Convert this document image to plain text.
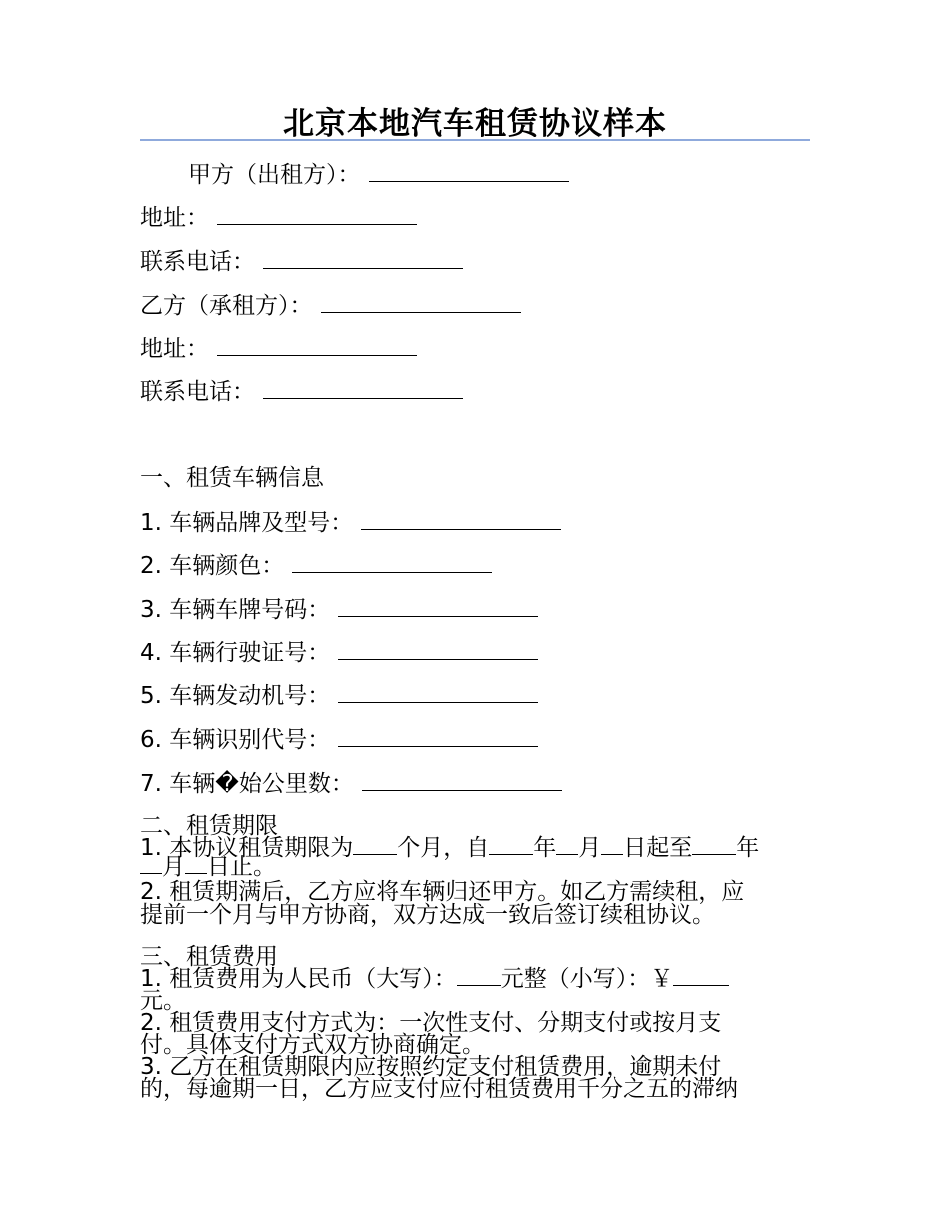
北京本地汽车租赁协议样本
甲方（出租方）：
地址：
联系电话：
乙方（承租方）：
地址：
联系电话：
一、租赁车辆信息
1. 车辆品牌及型号：
2. 车辆颜色：
3. 车辆车牌号码：
4. 车辆行驶证号：
5. 车辆发动机号：
6. 车辆识别代号：
7. 车辆�始公里数：
二、租赁期限
1. 本协议租赁期限为 个月，自 年 月 日起至 年
月 日止。
2. 租赁期满后，乙方应将车辆归还甲方。如乙方需续租，应
提前一个月与甲方协商，双方达成一致后签订续租协议。
三、租赁费用
1. 租赁费用为人民币（大写）： 元整（小写）：￥
元。
2. 租赁费用支付方式为：一次性支付、分期支付或按月支
付。具体支付方式双方协商确定。
3. 乙方在租赁期限内应按照约定支付租赁费用，逾期未付
的，每逾期一日，乙方应支付应付租赁费用千分之五的滞纳
